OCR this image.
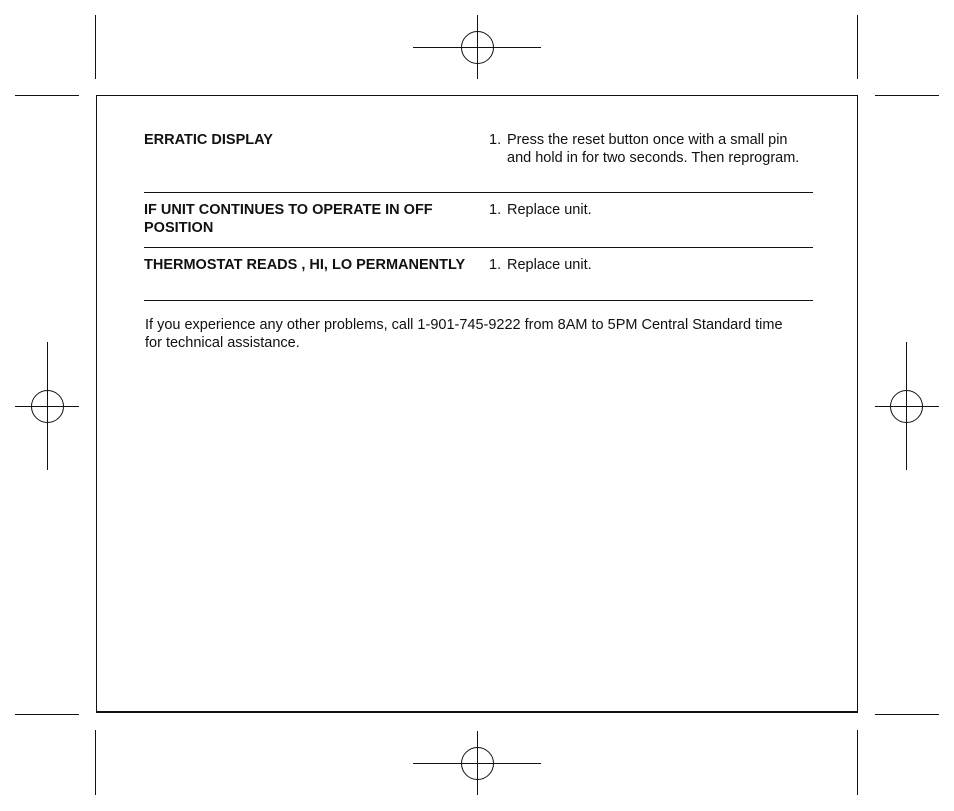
ERRATIC DISPLAY	1. Press the reset button once with a small pin and hold in for two seconds. Then reprogram.
IF UNIT CONTINUES TO OPERATE IN OFF POSITION
1. Replace unit.
THERMOSTAT READS , HI, LO PERMANENTLY	1. Replace unit.

If you experience any other problems, call 1-901-745-9222 from 8AM to 5PM Central Standard time for technical assistance.
